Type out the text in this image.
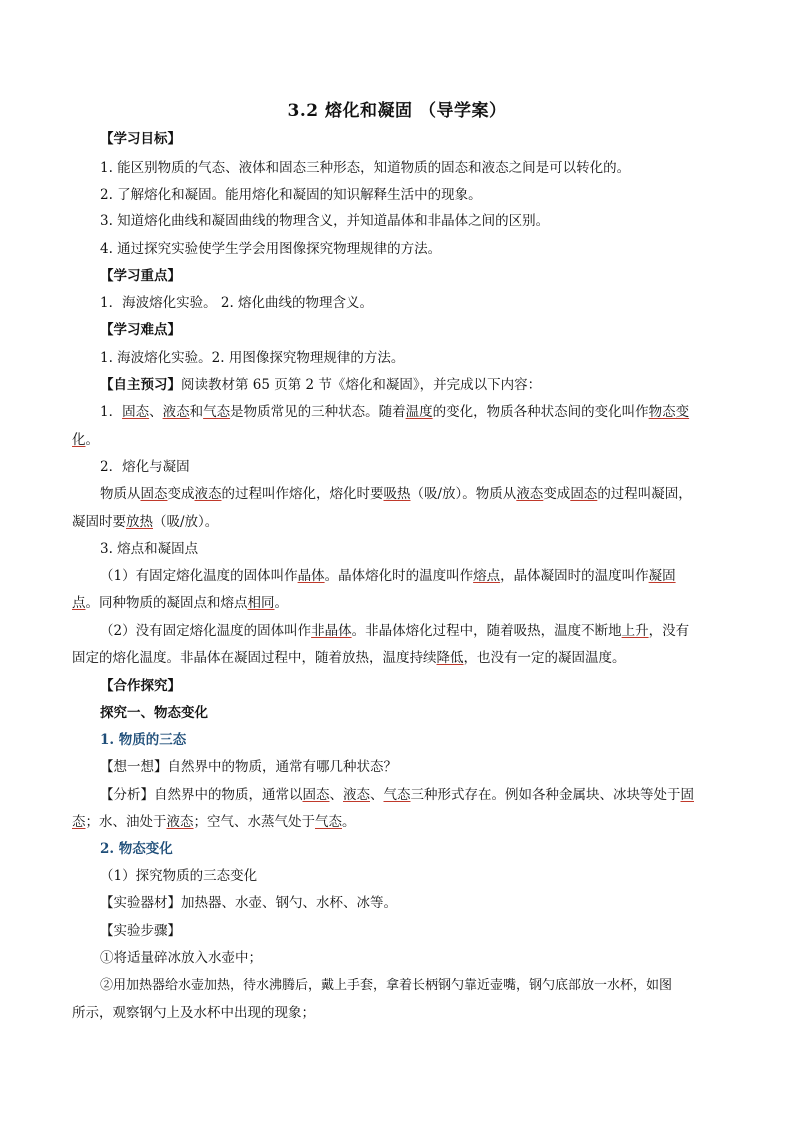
3.2 熔化和凝固 （导学案）
【学习目标】
1. 能区别物质的气态、液体和固态三种形态，知道物质的固态和液态之间是可以转化的。
2. 了解熔化和凝固。能用熔化和凝固的知识解释生活中的现象。
3. 知道熔化曲线和凝固曲线的物理含义，并知道晶体和非晶体之间的区别。
4. 通过探究实验使学生学会用图像探究物理规律的方法。
【学习重点】
1．海波熔化实验。 2. 熔化曲线的物理含义。
【学习难点】
1. 海波熔化实验。2. 用图像探究物理规律的方法。
【自主预习】阅读教材第 65 页第 2 节《熔化和凝固》，并完成以下内容：
1．固态、液态和气态是物质常见的三种状态。随着温度的变化，物质各种状态间的变化叫作物态变
化。
2．熔化与凝固
物质从固态变成液态的过程叫作熔化，熔化时要吸热（吸/放）。物质从液态变成固态的过程叫凝固，
凝固时要放热（吸/放）。
3. 熔点和凝固点
（1）有固定熔化温度的固体叫作晶体。晶体熔化时的温度叫作熔点，晶体凝固时的温度叫作凝固
点。同种物质的凝固点和熔点相同。
（2）没有固定熔化温度的固体叫作非晶体。非晶体熔化过程中，随着吸热，温度不断地上升，没有
固定的熔化温度。非晶体在凝固过程中，随着放热，温度持续降低，也没有一定的凝固温度。
【合作探究】
探究一、物态变化
1. 物质的三态
【想一想】自然界中的物质，通常有哪几种状态？
【分析】自然界中的物质，通常以固态、液态、气态三种形式存在。例如各种金属块、冰块等处于固
态；水、油处于液态；空气、水蒸气处于气态。
2. 物态变化
（1）探究物质的三态变化
【实验器材】加热器、水壶、钢勺、水杯、冰等。
【实验步骤】
①将适量碎冰放入水壶中；
②用加热器给水壶加热，待水沸腾后，戴上手套，拿着长柄钢勺靠近壶嘴，钢勺底部放一水杯，如图
所示，观察钢勺上及水杯中出现的现象；
